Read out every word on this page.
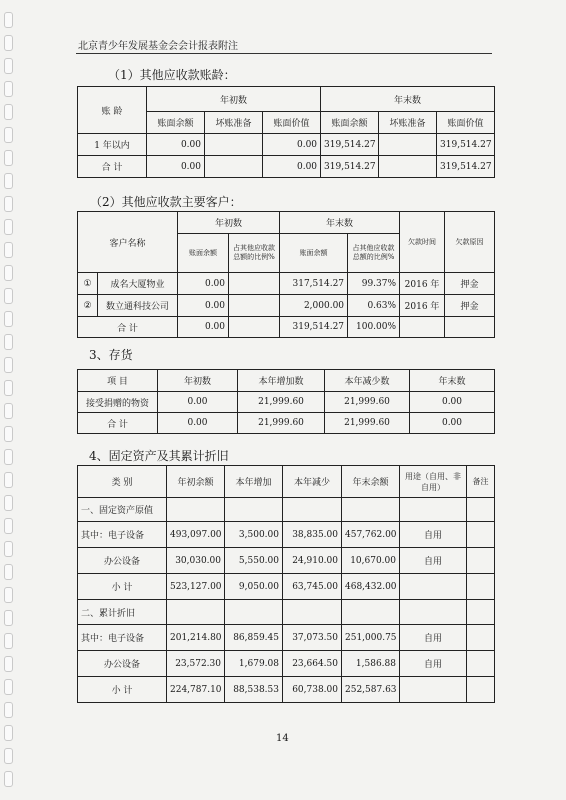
北京青少年发展基金会会计报表附注
（1）其他应收款账龄：
账 龄	年初数			年末数		
	账面余额	坏账准备	账面价值	账面余额	坏账准备	账面价值
1 年以内	0.00		0.00	319,514.27		319,514.27
合 计	0.00		0.00	319,514.27		319,514.27
（2）其他应收款主要客户：
客户名称		年初数		年末数		欠款时间	欠款原因
		账面余额	占其他应收款总额的比例%	账面余额	占其他应收款总额的比例%		
①	成名大厦物业	0.00		317,514.27	99.37%	2016 年	押金
②	数立通科技公司	0.00		2,000.00	0.63%	2016 年	押金
合 计		0.00		319,514.27	100.00%		
3、存货
项 目	年初数	本年增加数	本年减少数	年末数
接受捐赠的物资	0.00	21,999.60	21,999.60	0.00
合 计	0.00	21,999.60	21,999.60	0.00
4、固定资产及其累计折旧
类 别	年初余额	本年增加	本年减少	年末余额	用途（自用、非自用）	备注
一、固定资产原值						
其中：电子设备	493,097.00	3,500.00	38,835.00	457,762.00	自用	
办公设备	30,030.00	5,550.00	24,910.00	10,670.00	自用	
小 计	523,127.00	9,050.00	63,745.00	468,432.00		
二、累计折旧						
其中：电子设备	201,214.80	86,859.45	37,073.50	251,000.75	自用	
办公设备	23,572.30	1,679.08	23,664.50	1,586.88	自用	
小 计	224,787.10	88,538.53	60,738.00	252,587.63		
14
